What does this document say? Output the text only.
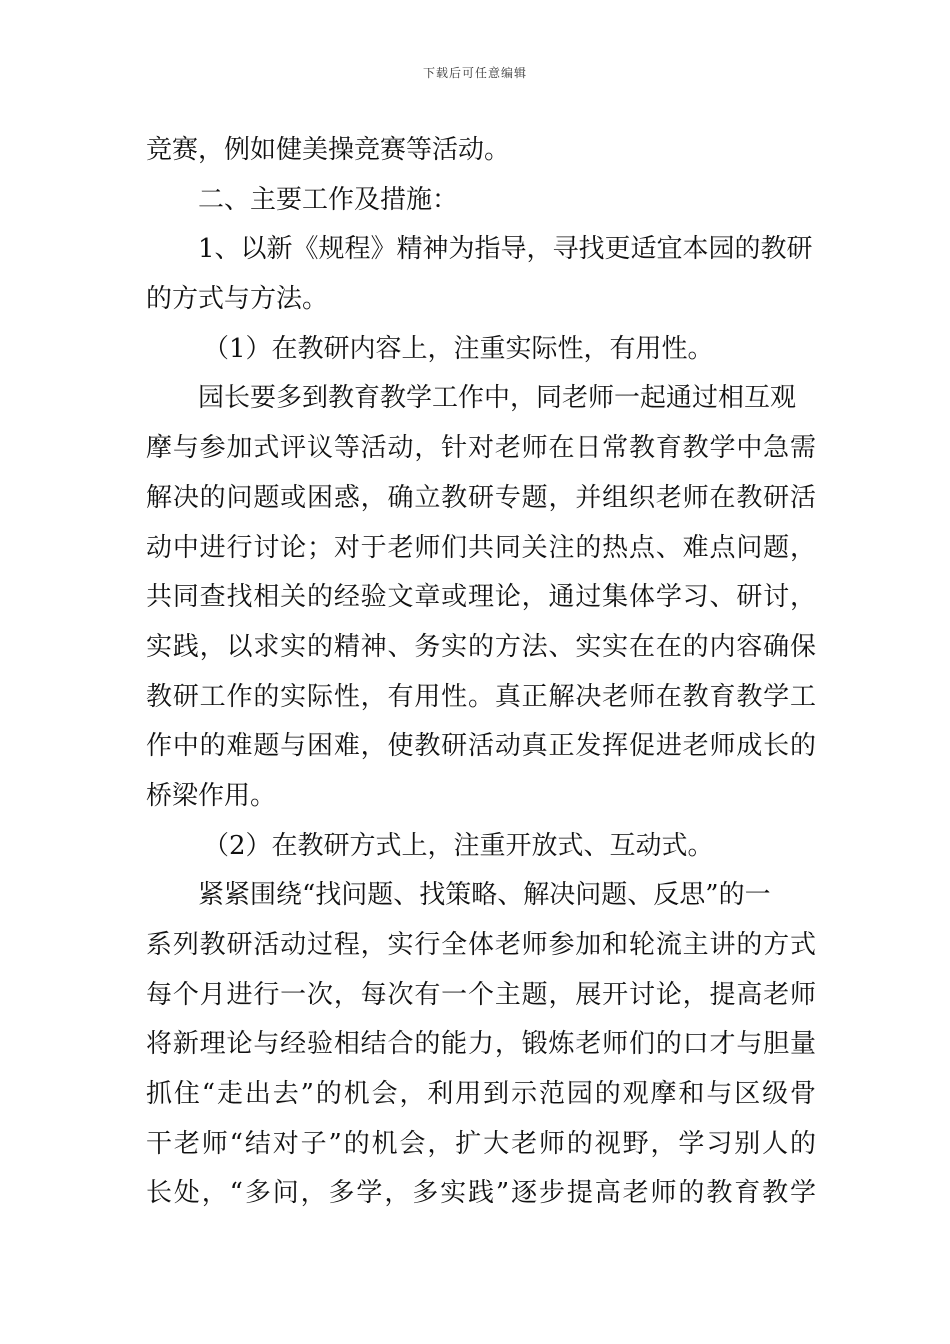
下载后可任意编辑
竞赛，例如健美操竞赛等活动。
二、主要工作及措施：
1、以新《规程》精神为指导，寻找更适宜本园的教研
的方式与方法。
（1）在教研内容上，注重实际性，有用性。
园长要多到教育教学工作中，同老师一起通过相互观
摩与参加式评议等活动，针对老师在日常教育教学中急需
解决的问题或困惑，确立教研专题，并组织老师在教研活
动中进行讨论；对于老师们共同关注的热点、难点问题，
共同查找相关的经验文章或理论，通过集体学习、研讨，
实践，以求实的精神、务实的方法、实实在在的内容确保
教研工作的实际性，有用性。真正解决老师在教育教学工
作中的难题与困难，使教研活动真正发挥促进老师成长的
桥梁作用。
（2）在教研方式上，注重开放式、互动式。
紧紧围绕“找问题、找策略、解决问题、反思”的一
系列教研活动过程，实行全体老师参加和轮流主讲的方式
每个月进行一次，每次有一个主题，展开讨论，提高老师
将新理论与经验相结合的能力，锻炼老师们的口才与胆量
抓住“走出去”的机会，利用到示范园的观摩和与区级骨
干老师“结对子”的机会，扩大老师的视野，学习别人的
长处，“多问，多学，多实践”逐步提高老师的教育教学
